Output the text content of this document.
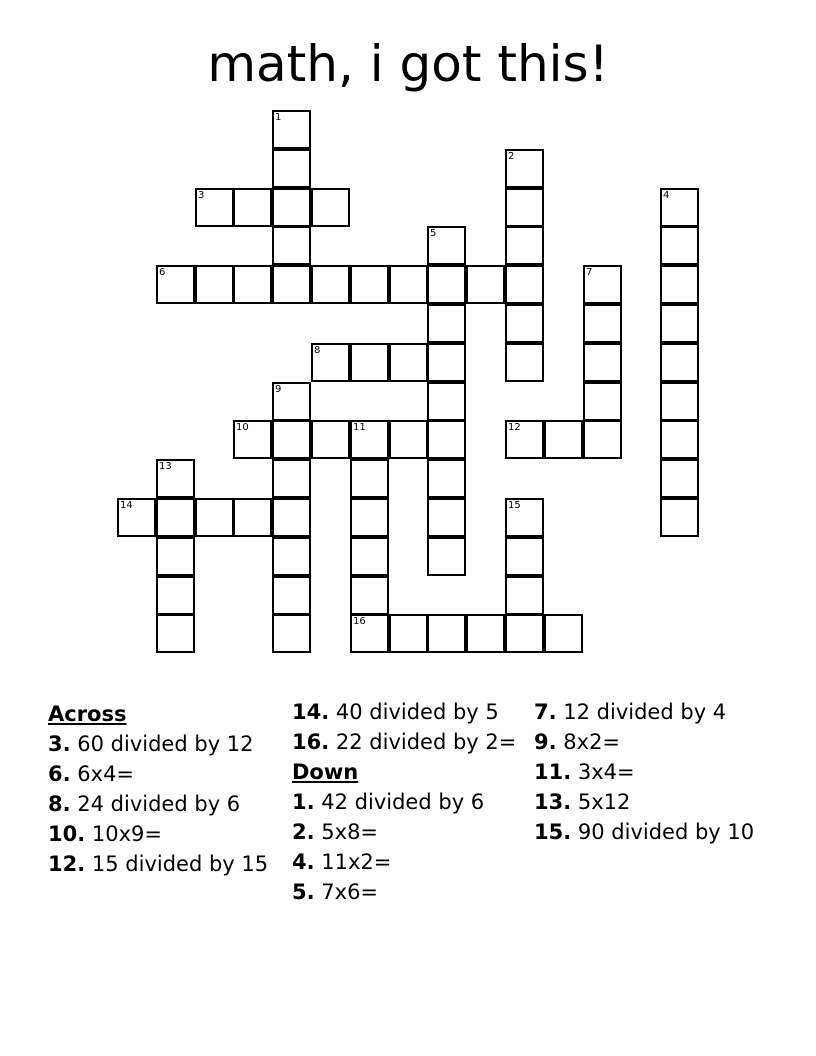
math, i got this!
1
2
3	4
5
6	7
8
9
10	11
16
12
13
14	15
Across
3. 60 divided by 12
6. 6x4=
8. 24 divided by 6
10. 10x9=
12. 15 divided by 15
14. 40 divided by 5
16. 22 divided by 2=
Down
1. 42 divided by 6
2. 5x8=
4. 11x2=
5. 7x6=
7. 12 divided by 4
9. 8x2=
11. 3x4=
13. 5x12
15. 90 divided by 10
